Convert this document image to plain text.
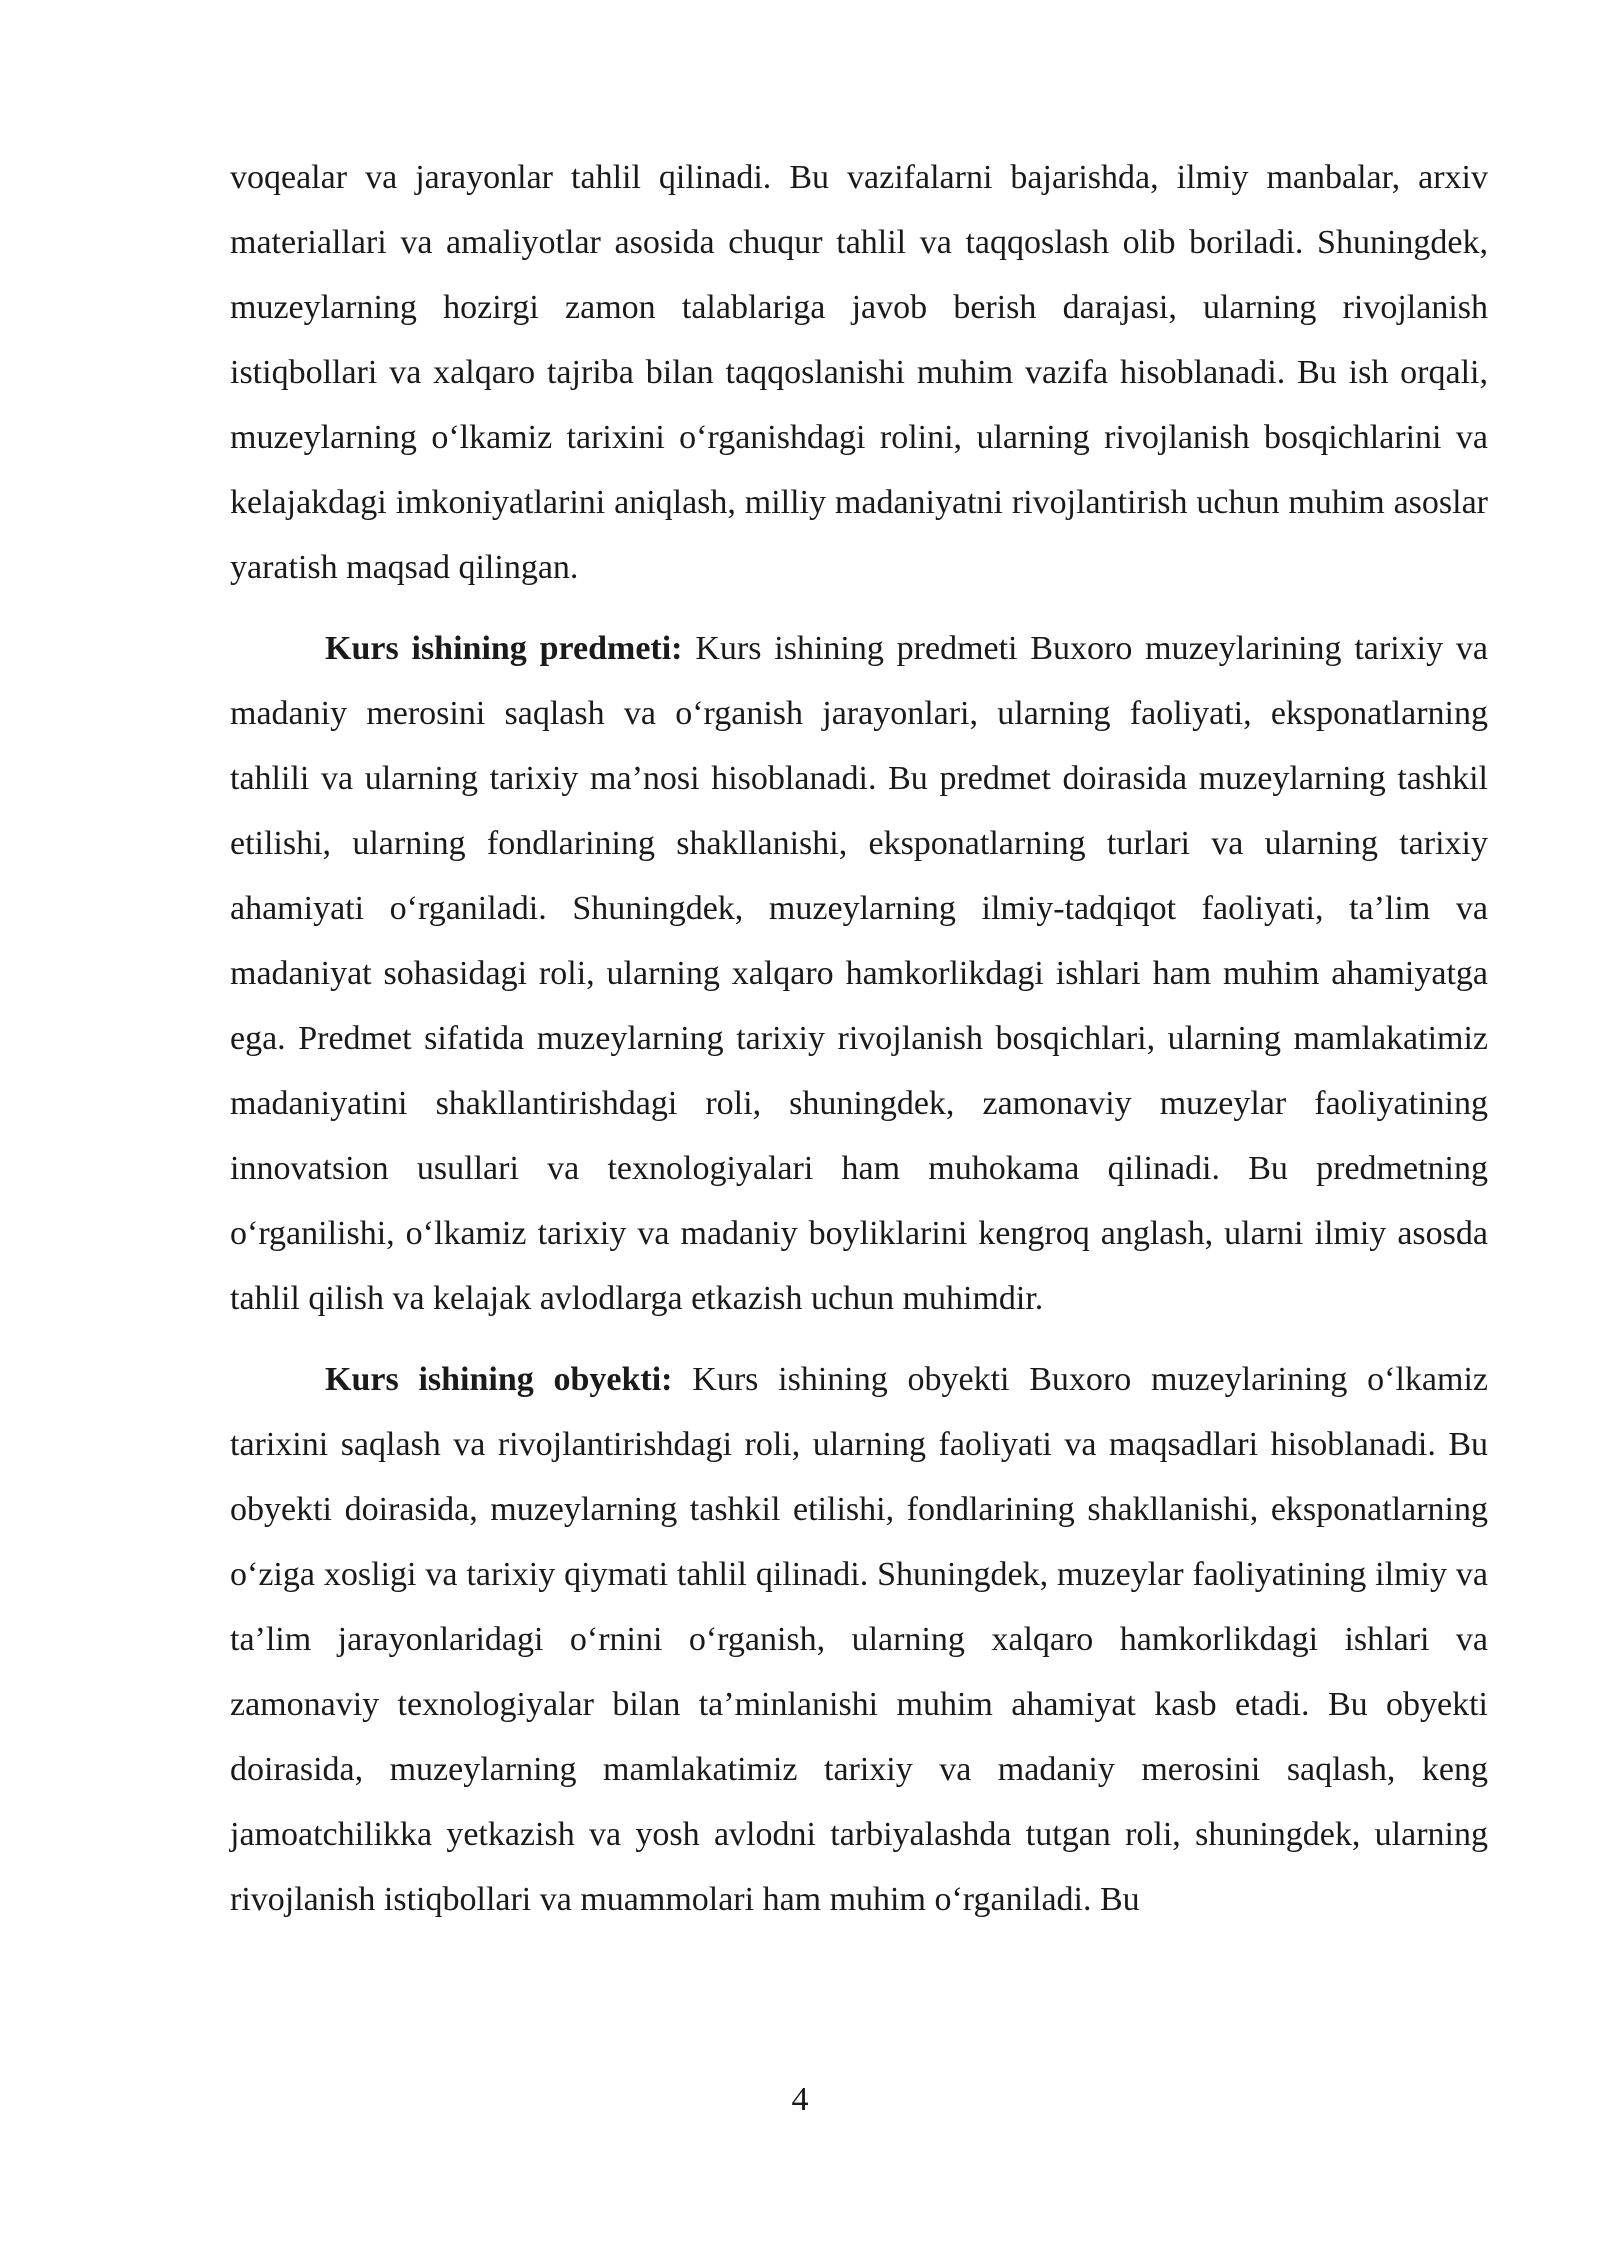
voqealar va jarayonlar tahlil qilinadi. Bu vazifalarni bajarishda, ilmiy manbalar, arxiv materiallari va amaliyotlar asosida chuqur tahlil va taqqoslash olib boriladi. Shuningdek, muzeylarning hozirgi zamon talablariga javob berish darajasi, ularning rivojlanish istiqbollari va xalqaro tajriba bilan taqqoslanishi muhim vazifa hisoblanadi. Bu ish orqali, muzeylarning o‘lkamiz tarixini o‘rganishdagi rolini, ularning rivojlanish bosqichlarini va kelajakdagi imkoniyatlarini aniqlash, milliy madaniyatni rivojlantirish uchun muhim asoslar yaratish maqsad qilingan.

Kurs ishining predmeti: Kurs ishining predmeti Buxoro muzeylarining tarixiy va madaniy merosini saqlash va o‘rganish jarayonlari, ularning faoliyati, eksponatlarning tahlili va ularning tarixiy ma’nosi hisoblanadi. Bu predmet doirasida muzeylarning tashkil etilishi, ularning fondlarining shakllanishi, eksponatlarning turlari va ularning tarixiy ahamiyati o‘rganiladi. Shuningdek, muzeylarning ilmiy-tadqiqot faoliyati, ta’lim va madaniyat sohasidagi roli, ularning xalqaro hamkorlikdagi ishlari ham muhim ahamiyatga ega. Predmet sifatida muzeylarning tarixiy rivojlanish bosqichlari, ularning mamlakatimiz madaniyatini shakllantirishdagi roli, shuningdek, zamonaviy muzeylar faoliyatining innovatsion usullari va texnologiyalari ham muhokama qilinadi. Bu predmetning o‘rganilishi, o‘lkamiz tarixiy va madaniy boyliklarini kengroq anglash, ularni ilmiy asosda tahlil qilish va kelajak avlodlarga etkazish uchun muhimdir.

Kurs ishining obyekti: Kurs ishining obyekti Buxoro muzeylarining o‘lkamiz tarixini saqlash va rivojlantirishdagi roli, ularning faoliyati va maqsadlari hisoblanadi. Bu obyekti doirasida, muzeylarning tashkil etilishi, fondlarining shakllanishi, eksponatlarning o‘ziga xosligi va tarixiy qiymati tahlil qilinadi. Shuningdek, muzeylar faoliyatining ilmiy va ta’lim jarayonlaridagi o‘rnini o‘rganish, ularning xalqaro hamkorlikdagi ishlari va zamonaviy texnologiyalar bilan ta’minlanishi muhim ahamiyat kasb etadi. Bu obyekti doirasida, muzeylarning mamlakatimiz tarixiy va madaniy merosini saqlash, keng jamoatchilikka yetkazish va yosh avlodni tarbiyalashda tutgan roli, shuningdek, ularning rivojlanish istiqbollari va muammolari ham muhim o‘rganiladi. Bu

4
